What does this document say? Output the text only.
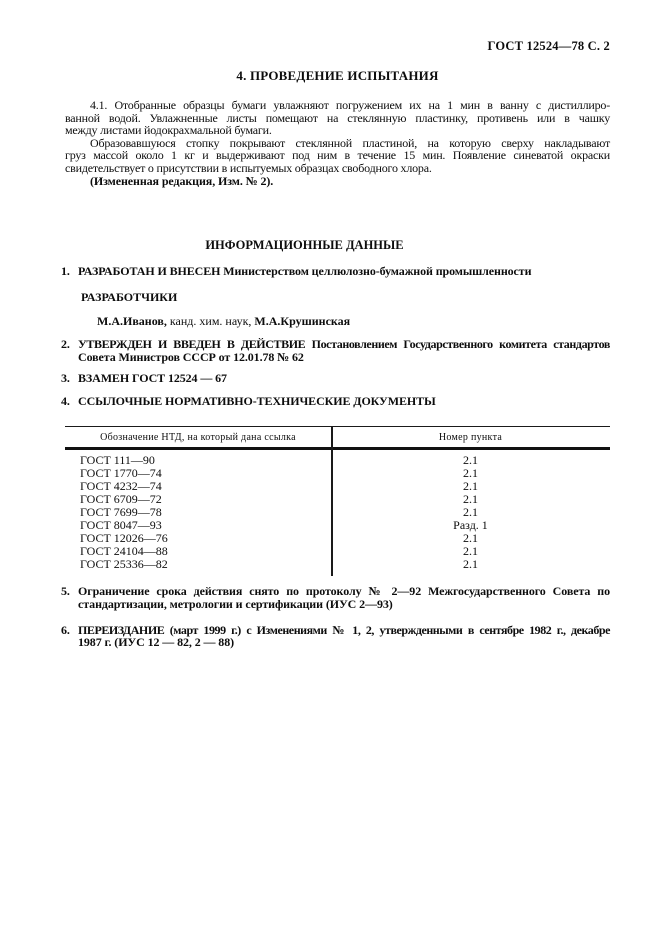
ГОСТ 12524—78 С. 2
4. ПРОВЕДЕНИЕ ИСПЫТАНИЯ
4.1. Отобранные образцы бумаги увлажняют погружением их на 1 мин в ванну с дистиллиро-
ванной водой. Увлажненные листы помещают на стеклянную пластинку, противень или в чашку
между листами йодокрахмальной бумаги.
Образовавшуюся стопку покрывают стеклянной пластиной, на которую сверху накладывают
груз массой около 1 кг и выдерживают под ним в течение 15 мин. Появление синеватой окраски
свидетельствует о присутствии в испытуемых образцах свободного хлора.
(Измененная редакция, Изм. № 2).
ИНФОРМАЦИОННЫЕ ДАННЫЕ
1. РАЗРАБОТАН И ВНЕСЕН Министерством целлюлозно-бумажной промышленности
РАЗРАБОТЧИКИ
М.А.Иванов, канд. хим. наук, М.А.Крушинская
2. УТВЕРЖДЕН И ВВЕДЕН В ДЕЙСТВИЕ Постановлением Государственного комитета стандартов
Совета Министров СССР от 12.01.78 № 62
3. ВЗАМЕН ГОСТ 12524 — 67
4. ССЫЛОЧНЫЕ НОРМАТИВНО-ТЕХНИЧЕСКИЕ ДОКУМЕНТЫ
Обозначение НТД, на который дана ссылка	Номер пункта
ГОСТ 111—90	2.1
ГОСТ 1770—74	2.1
ГОСТ 4232—74	2.1
ГОСТ 6709—72	2.1
ГОСТ 7699—78	2.1
ГОСТ 8047—93	Разд. 1
ГОСТ 12026—76	2.1
ГОСТ 24104—88	2.1
ГОСТ 25336—82	2.1
5. Ограничение срока действия снято по протоколу № 2—92 Межгосударственного Совета по
стандартизации, метрологии и сертификации (ИУС 2—93)
6. ПЕРЕИЗДАНИЕ (март 1999 г.) с Изменениями № 1, 2, утвержденными в сентябре 1982 г., декабре
1987 г. (ИУС 12 — 82, 2 — 88)
